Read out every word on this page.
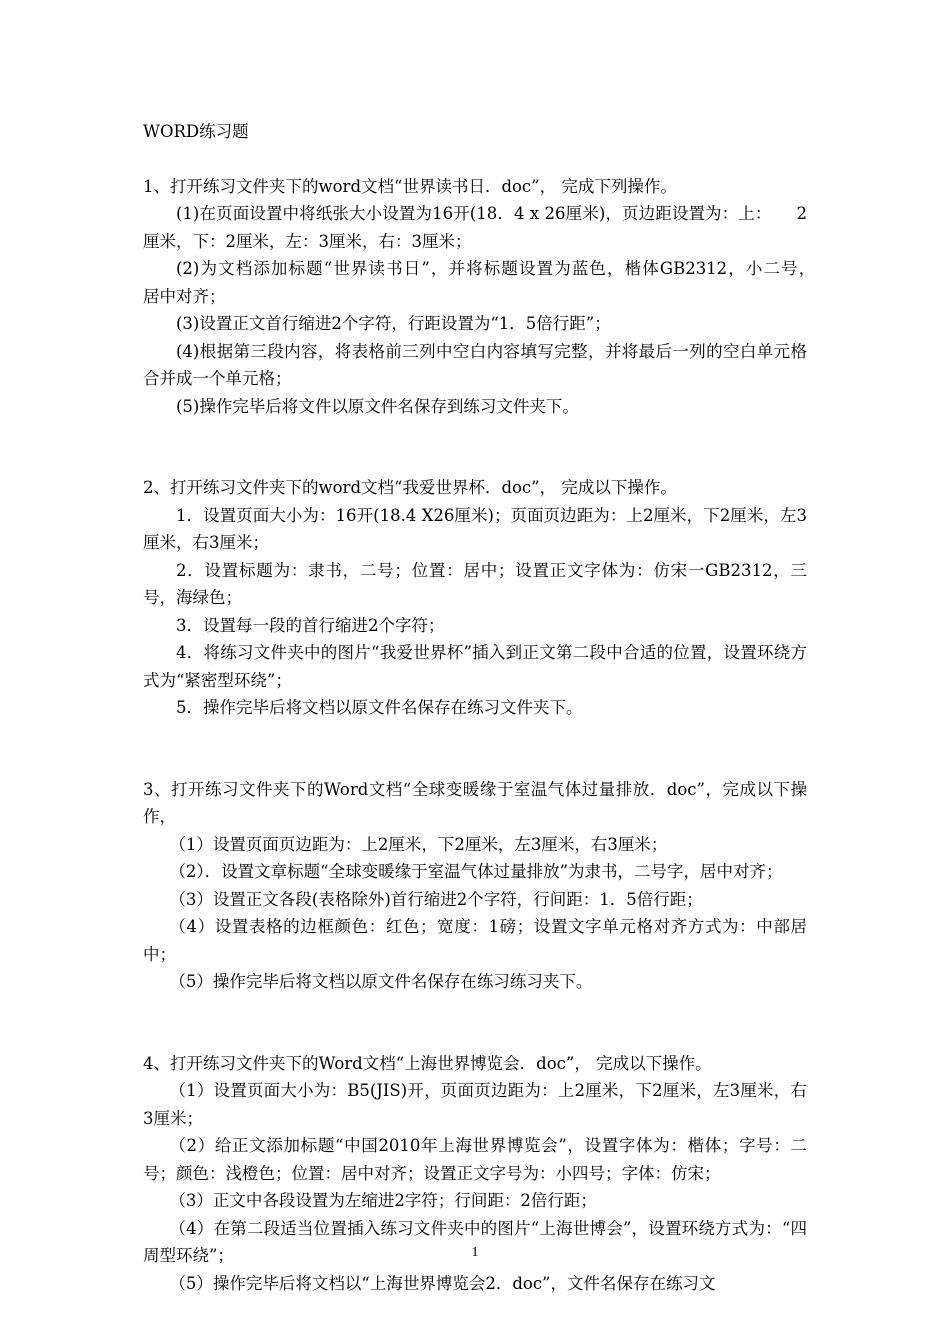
WORD练习题

1、打开练习文件夹下的word文档“世界读书日．doc”， 完成下列操作。

(1)在页面设置中将纸张大小设置为16开(18．4 x 26厘米)，页边距设置为：上：　　2厘米，下：2厘米，左：3厘米，右：3厘米；

(2)为文档添加标题“世界读书日”，并将标题设置为蓝色，楷体GB2312，小二号，　　居中对齐；

(3)设置正文首行缩进2个字符，行距设置为“1．5倍行距”；

(4)根据第三段内容，将表格前三列中空白内容填写完整，并将最后一列的空白单元格合并成一个单元格；

(5)操作完毕后将文件以原文件名保存到练习文件夹下。

2、打开练习文件夹下的word文档“我爱世界杯．doc”， 完成以下操作。

1．设置页面大小为：16开(18.4 X26厘米)；页面页边距为：上2厘米，下2厘米，左3厘米，右3厘米；

2．设置标题为：隶书，二号；位置：居中；设置正文字体为：仿宋一GB2312，三号，海绿色；

3．设置每一段的首行缩进2个字符；

4．将练习文件夹中的图片“我爱世界杯”插入到正文第二段中合适的位置，设置环绕方式为“紧密型环绕”；

5．操作完毕后将文档以原文件名保存在练习文件夹下。

3、打开练习文件夹下的Word文档“全球变暖缘于室温气体过量排放．doc”，完成以下操作，

（1）设置页面页边距为：上2厘米，下2厘米，左3厘米，右3厘米；

（2）．设置文章标题“全球变暖缘于室温气体过量排放”为隶书，二号字，居中对齐；

（3）设置正文各段(表格除外)首行缩进2个字符，行间距：1．5倍行距；

（4）设置表格的边框颜色：红色；宽度：1磅；设置文字单元格对齐方式为：中部居中；

（5）操作完毕后将文档以原文件名保存在练习练习夹下。

4、打开练习文件夹下的Word文档“上海世界博览会．doc”， 完成以下操作。

（1）设置页面大小为：B5(JIS)开，页面页边距为：上2厘米，下2厘米，左3厘米，右3厘米；

（2）给正文添加标题“中国2010年上海世界博览会”，设置字体为：楷体；字号：二号；颜色：浅橙色；位置：居中对齐；设置正文字号为：小四号；字体：仿宋；

（3）正文中各段设置为左缩进2字符；行间距：2倍行距；

（4）在第二段适当位置插入练习文件夹中的图片“上海世博会”，设置环绕方式为：“四周型环绕”；

（5）操作完毕后将文档以“上海世界博览会2．doc”，文件名保存在练习文

1
